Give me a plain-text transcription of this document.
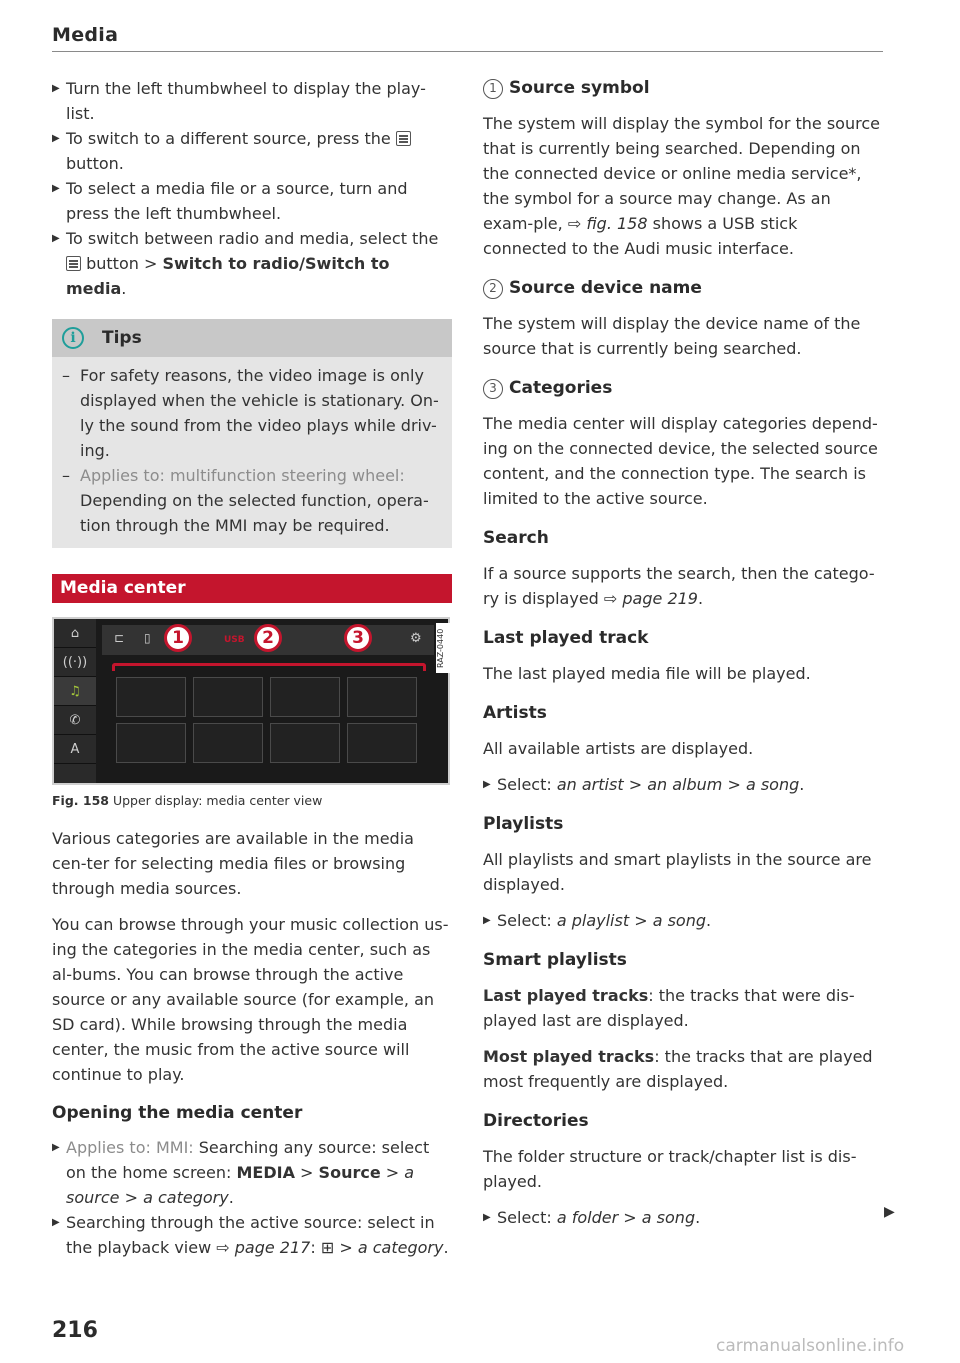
Media
▶ Turn the left thumbwheel to display the play-list.
▶ To switch to a different source, press the
button.
▶ To select a media file or a source, turn and press the left thumbwheel.
▶ To switch between radio and media, select the
button > Switch to radio/Switch to media.
i	Tips
– For safety reasons, the video image is only displayed when the vehicle is stationary. On-ly the sound from the video plays while driv-ing.
– Applies to: multifunction steering wheel: Depending on the selected function, opera-tion through the MMI may be required.
Media center
⌂
((·))
♫
✆
A
⊏ ▯	USB	⚙
1	2	3	RAZ-0440
Fig. 158 Upper display: media center view
Various categories are available in the media cen-ter for selecting media files or browsing through media sources.
You can browse through your music collection us-ing the categories in the media center, such as al-bums. You can browse through the active source or any available source (for example, an SD card). While browsing through the media center, the music from the active source will continue to play.
Opening the media center
▶ Applies to: MMI: Searching any source: select on the home screen: MEDIA > Source > a source > a category.
▶ Searching through the active source: select in the playback view ⇨ page 217: ⊞ > a category.
1 Source symbol
The system will display the symbol for the source that is currently being searched. Depending on the connected device or online media service*, the symbol for a source may change. As an exam-ple, ⇨ fig. 158 shows a USB stick connected to the Audi music interface.
2 Source device name
The system will display the device name of the source that is currently being searched.
3 Categories
The media center will display categories depend-ing on the connected device, the selected source content, and the connection type. The search is limited to the active source.
Search
If a source supports the search, then the catego-ry is displayed ⇨ page 219.
Last played track
The last played media file will be played.
Artists
All available artists are displayed.
▶ Select: an artist > an album > a song.
Playlists
All playlists and smart playlists in the source are displayed.
▶ Select: a playlist > a song.
Smart playlists
Last played tracks: the tracks that were dis-played last are displayed.
Most played tracks: the tracks that are played most frequently are displayed.
Directories
The folder structure or track/chapter list is dis-played.
▶ Select: a folder > a song.	▶
216
carmanualsonline.info
